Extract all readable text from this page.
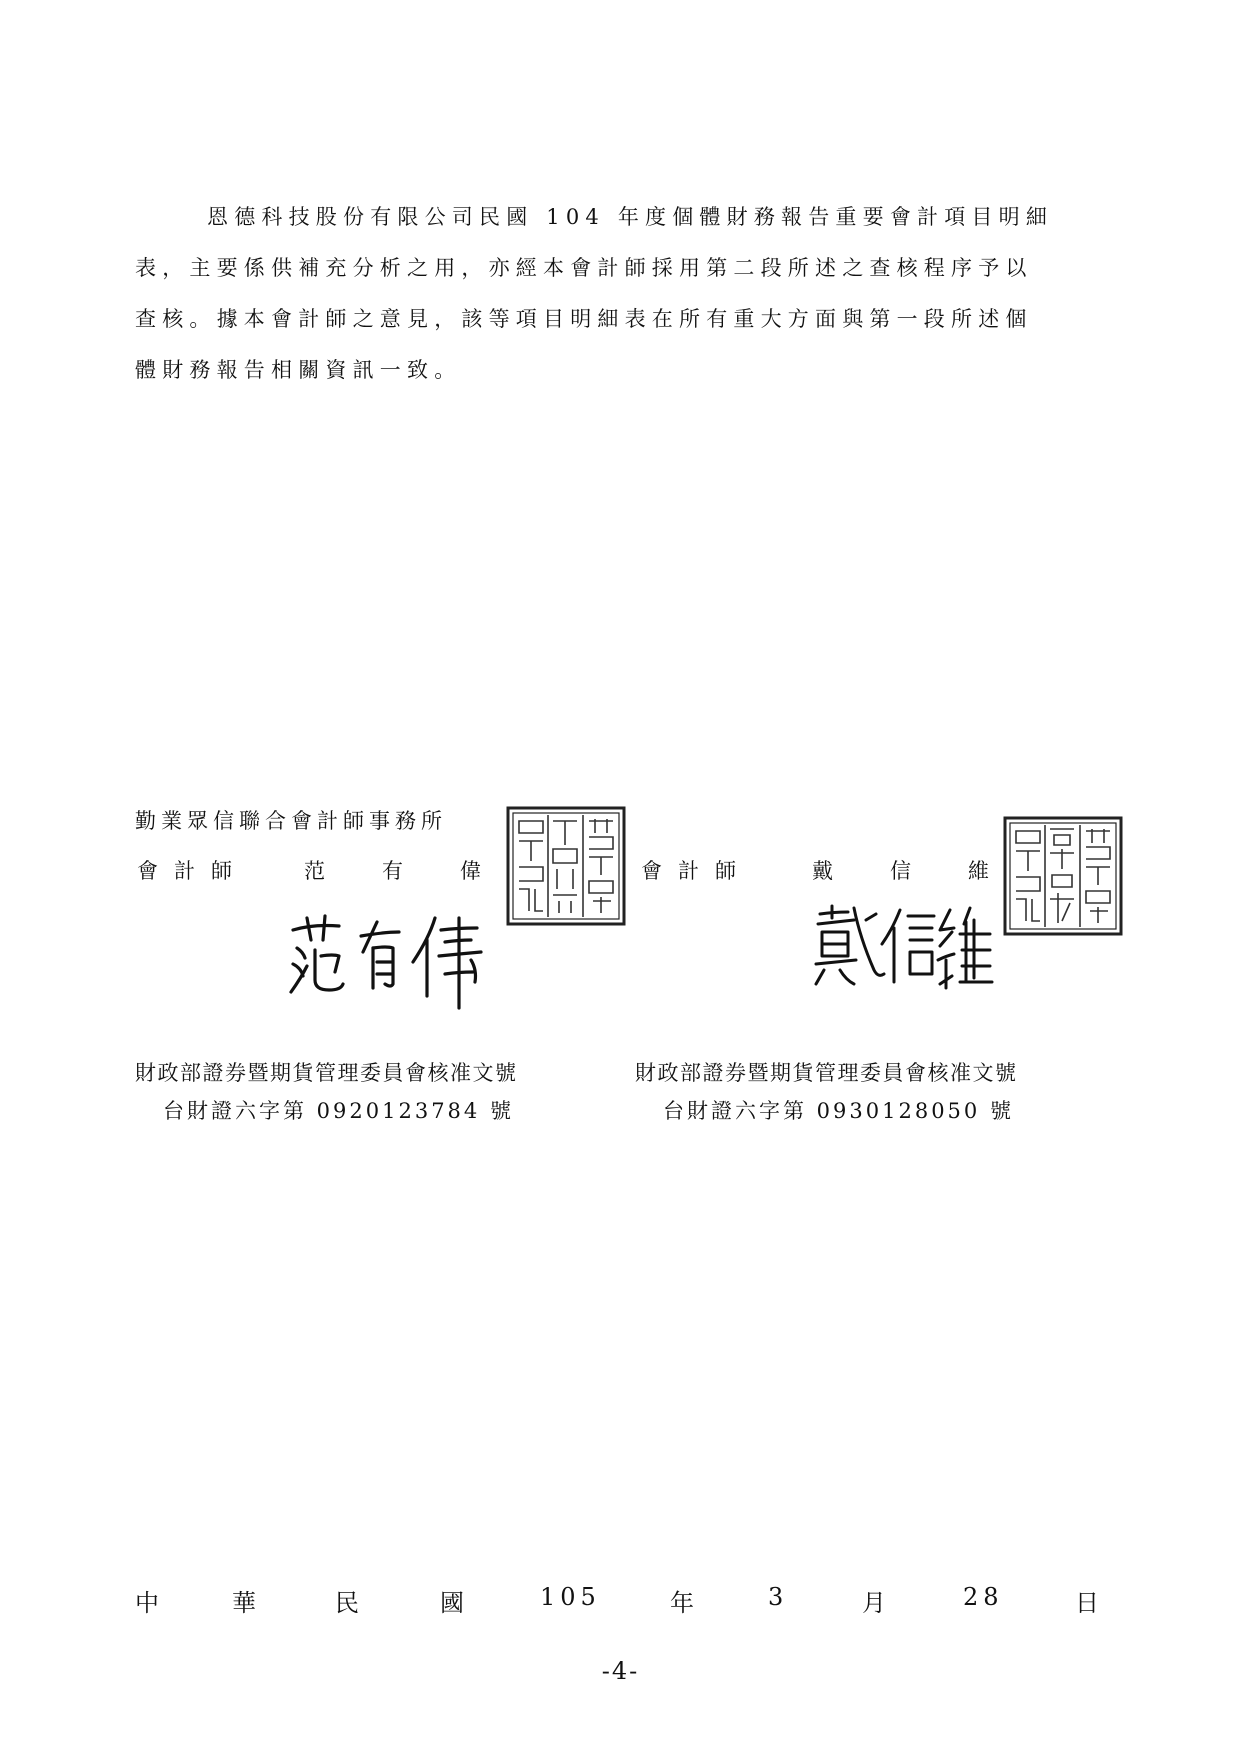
恩德科技股份有限公司民國 104 年度個體財務報告重要會計項目明細
表，主要係供補充分析之用，亦經本會計師採用第二段所述之查核程序予以
查核。據本會計師之意見，該等項目明細表在所有重大方面與第一段所述個
體財務報告相關資訊一致。
勤業眾信聯合會計師事務所
會計師	范	有	偉	會計師	戴	信	維
財政部證券暨期貨管理委員會核准文號
台財證六字第 0920123784 號
財政部證券暨期貨管理委員會核准文號
台財證六字第 0930128050 號
中	華	民	國	105	年	3	月	28	日
-4-
